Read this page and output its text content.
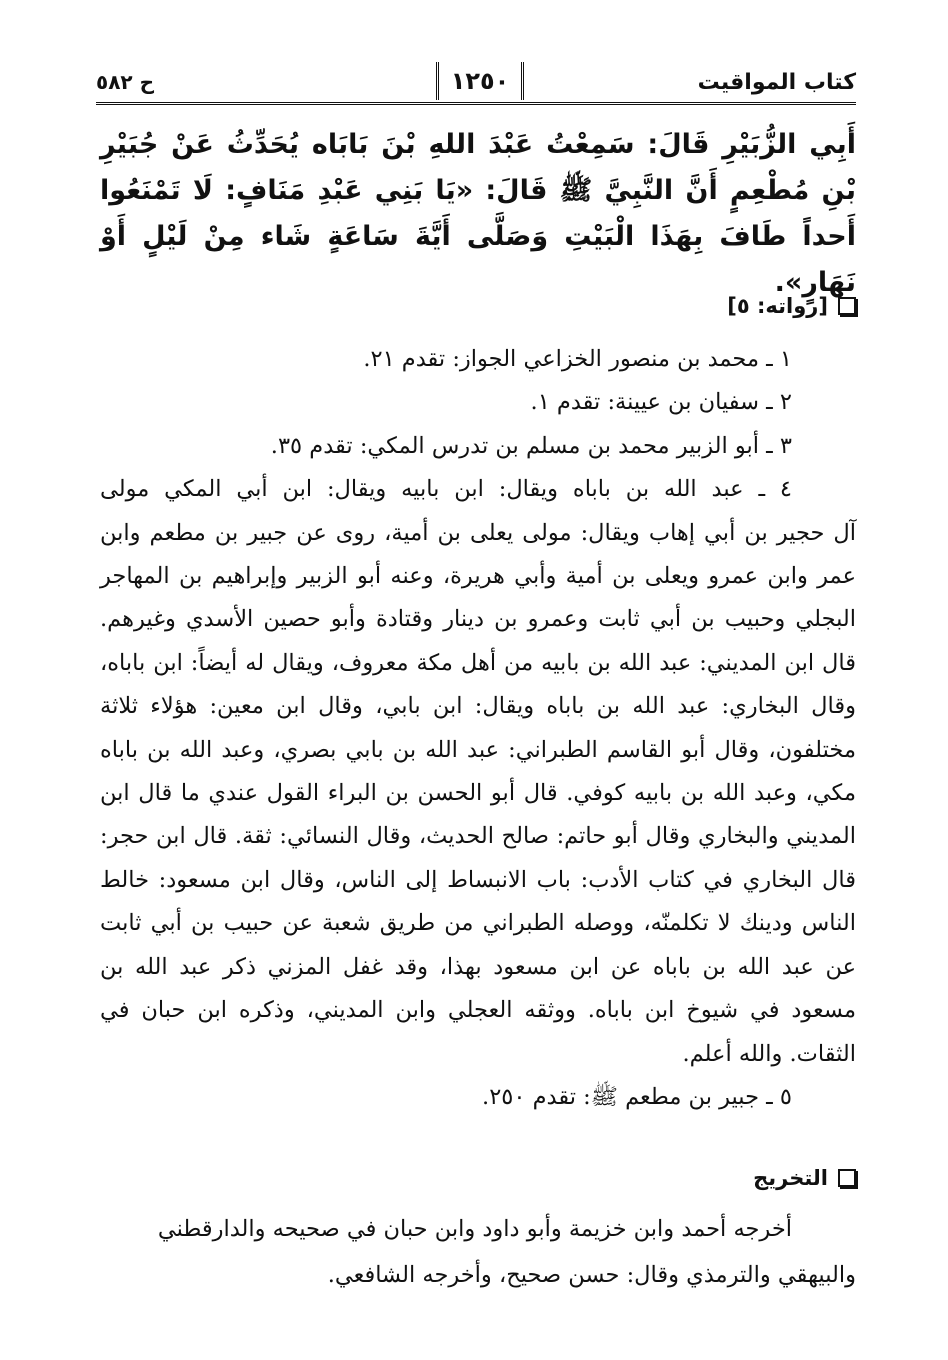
كتاب المواقيت
١٢٥٠
ح ٥٨٢
أَبِي الزُّبَيْرِ قَالَ: سَمِعْتُ عَبْدَ اللهِ بْنَ بَابَاه يُحَدِّثُ عَنْ جُبَيْرِ بْنِ مُطْعِمٍ أَنَّ النَّبِيَّ ﷺ قَالَ: «يَا بَنِي عَبْدِ مَنَافٍ: لَا تَمْنَعُوا أَحداً طَافَ بِهَذَا الْبَيْتِ وَصَلَّى أَيَّةَ سَاعَةٍ شَاء مِنْ لَيْلٍ أَوْ نَهَارٍ».
[رواته: ٥]
١ ـ محمد بن منصور الخزاعي الجواز: تقدم ٢١.
٢ ـ سفيان بن عيينة: تقدم ١.
٣ ـ أبو الزبير محمد بن مسلم بن تدرس المكي: تقدم ٣٥.
٤ ـ عبد الله بن باباه ويقال: ابن بابيه ويقال: ابن أبي المكي مولى
آل حجير بن أبي إهاب ويقال: مولى يعلى بن أمية، روى عن جبير بن مطعم وابن عمر وابن عمرو ويعلى بن أمية وأبي هريرة، وعنه أبو الزبير وإبراهيم بن المهاجر البجلي وحبيب بن أبي ثابت وعمرو بن دينار وقتادة وأبو حصين الأسدي وغيرهم. قال ابن المديني: عبد الله بن بابيه من أهل مكة معروف، ويقال له أيضاً: ابن باباه، وقال البخاري: عبد الله بن باباه ويقال: ابن بابي، وقال ابن معين: هؤلاء ثلاثة مختلفون، وقال أبو القاسم الطبراني: عبد الله بن بابي بصري، وعبد الله بن باباه مكي، وعبد الله بن بابيه كوفي. قال أبو الحسن بن البراء القول عندي ما قال ابن المديني والبخاري وقال أبو حاتم: صالح الحديث، وقال النسائي: ثقة. قال ابن حجر: قال البخاري في كتاب الأدب: باب الانبساط إلى الناس، وقال ابن مسعود: خالط الناس ودينك لا تكلمنّه، ووصله الطبراني من طريق شعبة عن حبيب بن أبي ثابت عن عبد الله بن باباه عن ابن مسعود بهذا، وقد غفل المزني ذكر عبد الله بن مسعود في شيوخ ابن باباه. ووثقه العجلي وابن المديني، وذكره ابن حبان في الثقات. والله أعلم.
٥ ـ جبير بن مطعم ﷺ: تقدم ٢٥٠.
التخريج
أخرجه أحمد وابن خزيمة وأبو داود وابن حبان في صحيحه والدارقطني
والبيهقي والترمذي وقال: حسن صحيح، وأخرجه الشافعي.
